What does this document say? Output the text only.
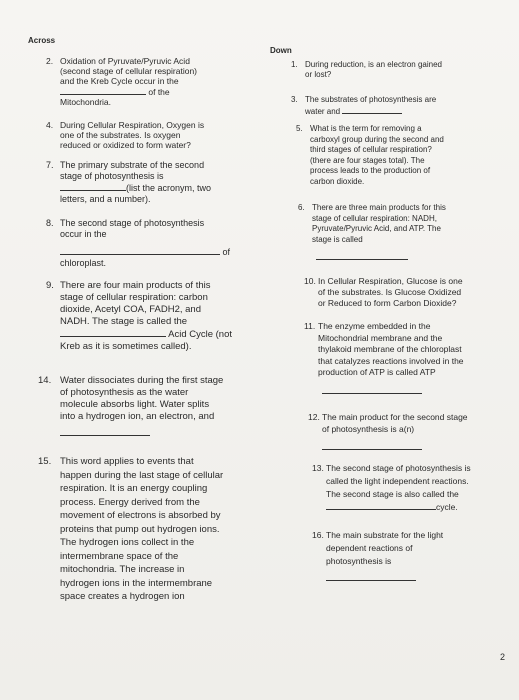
Across
Down
2. Oxidation of Pyruvate/Pyruvic Acid
(second stage of cellular respiration)
and the Kreb Cycle occur in the
of the
Mitochondria.
4. During Cellular Respiration, Oxygen is
one of the substrates. Is oxygen
reduced or oxidized to form water?
7. The primary substrate of the second
stage of photosynthesis is
(list the acronym, two
letters, and a number).
8. The second stage of photosynthesis
occur in the
of
chloroplast.
9. There are four main products of this
stage of cellular respiration: carbon
dioxide, Acetyl COA, FADH2, and
NADH. The stage is called the
Acid Cycle (not
Kreb as it is sometimes called).
14. Water dissociates during the first stage
of photosynthesis as the water
molecule absorbs light. Water splits
into a hydrogen ion, an electron, and
15. This word applies to events that
happen during the last stage of cellular
respiration. It is an energy coupling
process. Energy derived from the
movement of electrons is absorbed by
proteins that pump out hydrogen ions.
The hydrogen ions collect in the
intermembrane space of the
mitochondria. The increase in
hydrogen ions in the intermembrane
space creates a hydrogen ion
1. During reduction, is an electron gained
or lost?
3. The substrates of photosynthesis are
water and
5. What is the term for removing a
carboxyl group during the second and
third stages of cellular respiration?
(there are four stages total). The
process leads to the production of
carbon dioxide.
6. There are three main products for this
stage of cellular respiration: NADH,
Pyruvate/Pyruvic Acid, and ATP. The
stage is called
10. In Cellular Respiration, Glucose is one
of the substrates. Is Glucose Oxidized
or Reduced to form Carbon Dioxide?
11. The enzyme embedded in the
Mitochondrial membrane and the
thylakoid membrane of the chloroplast
that catalyzes reactions involved in the
production of ATP is called ATP
12. The main product for the second stage
of photosynthesis is a(n)
13. The second stage of photosynthesis is
called the light independent reactions.
The second stage is also called the
cycle.
16. The main substrate for the light
dependent reactions of
photosynthesis is
2
